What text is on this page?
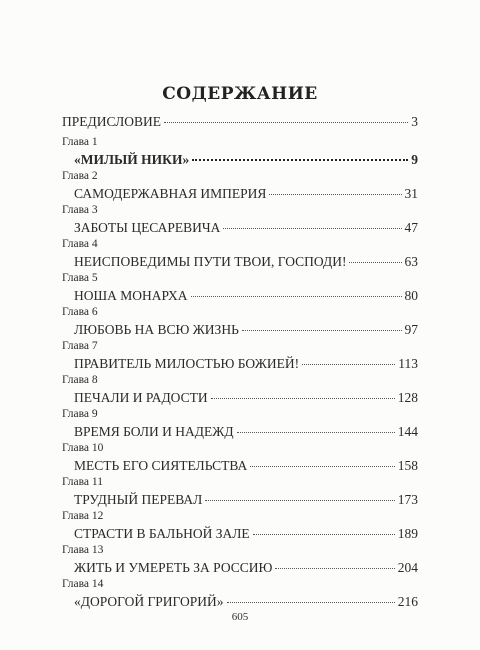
СОДЕРЖАНИЕ
ПРЕДИСЛОВИЕ	3
Глава 1
«МИЛЫЙ НИКИ»	9
Глава 2
САМОДЕРЖАВНАЯ ИМПЕРИЯ	31
Глава 3
ЗАБОТЫ ЦЕСАРЕВИЧА	47
Глава 4
НЕИСПОВЕДИМЫ ПУТИ ТВОИ, ГОСПОДИ!	63
Глава 5
НОША МОНАРХА	80
Глава 6
ЛЮБОВЬ НА ВСЮ ЖИЗНЬ	97
Глава 7
ПРАВИТЕЛЬ МИЛОСТЬЮ БОЖИЕЙ!	113
Глава 8
ПЕЧАЛИ И РАДОСТИ	128
Глава 9
ВРЕМЯ БОЛИ И НАДЕЖД	144
Глава 10
МЕСТЬ ЕГО СИЯТЕЛЬСТВА	158
Глава 11
ТРУДНЫЙ ПЕРЕВАЛ	173
Глава 12
СТРАСТИ В БАЛЬНОЙ ЗАЛЕ	189
Глава 13
ЖИТЬ И УМЕРЕТЬ ЗА РОССИЮ	204
Глава 14
«ДОРОГОЙ ГРИГОРИЙ»	216
605
